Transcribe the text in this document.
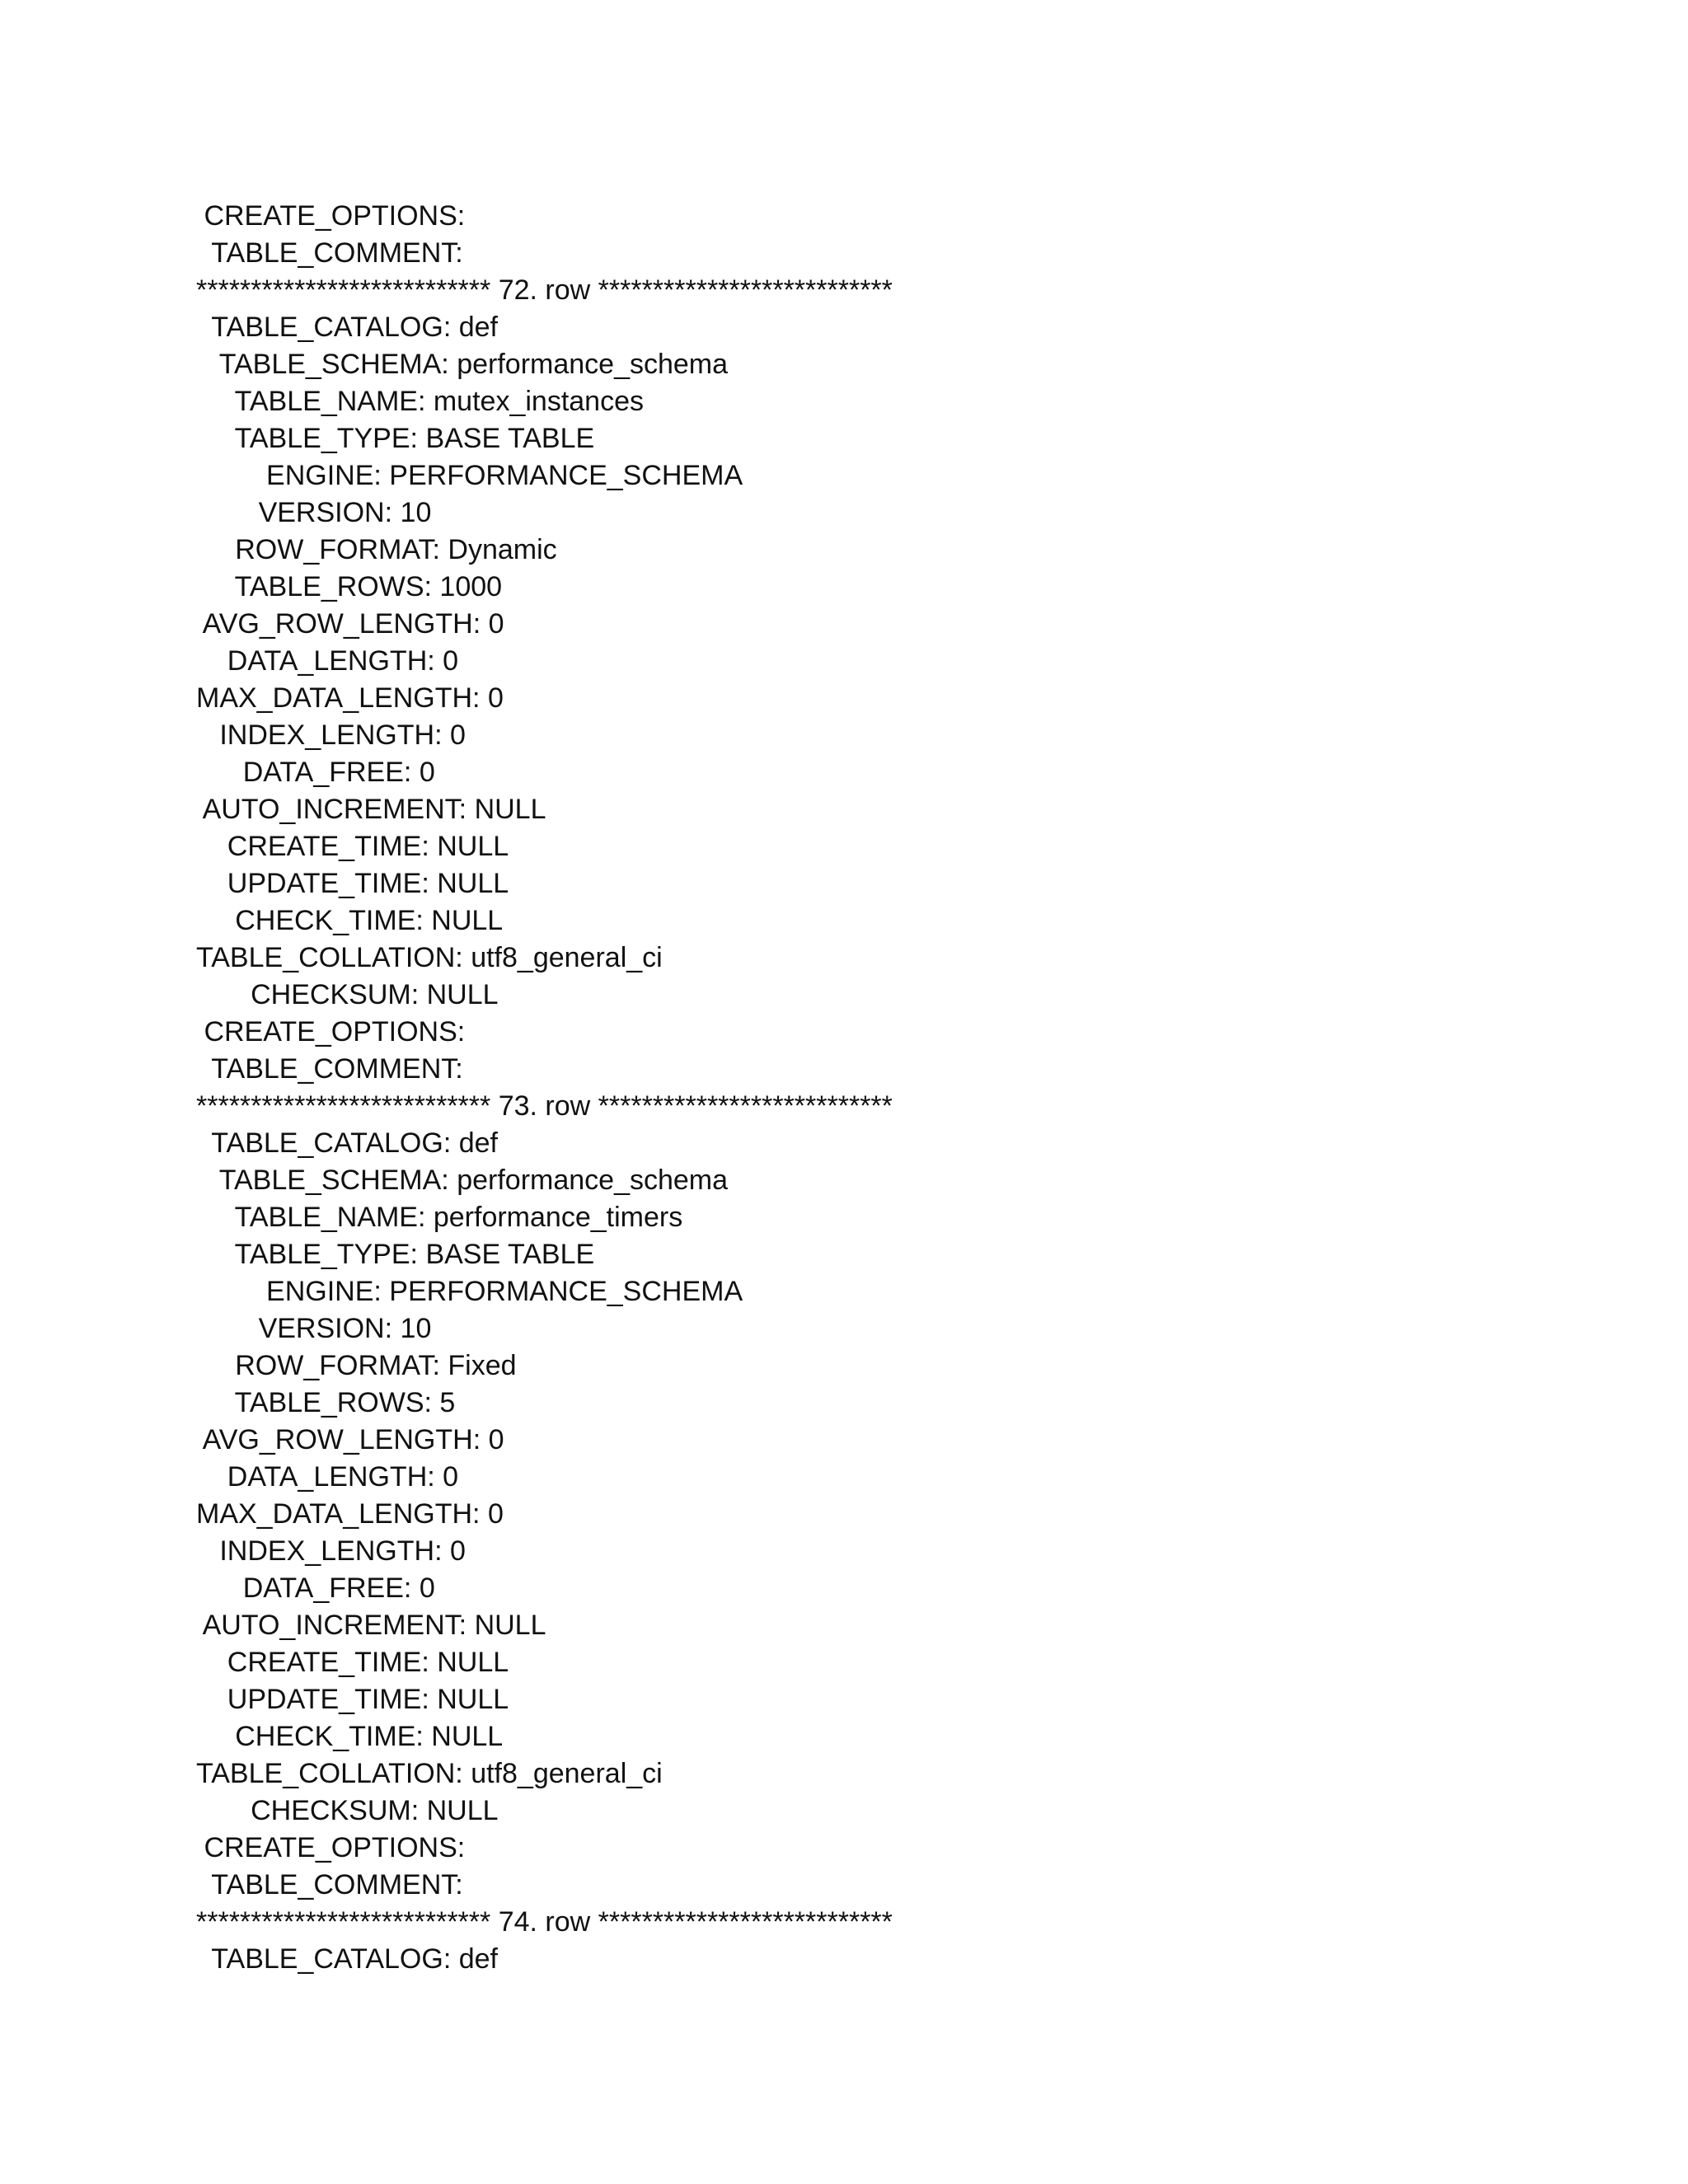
CREATE_OPTIONS:
TABLE_COMMENT:
*************************** 72. row ***************************
TABLE_CATALOG: def
TABLE_SCHEMA: performance_schema
TABLE_NAME: mutex_instances
TABLE_TYPE: BASE TABLE
ENGINE: PERFORMANCE_SCHEMA
VERSION: 10
ROW_FORMAT: Dynamic
TABLE_ROWS: 1000
AVG_ROW_LENGTH: 0
DATA_LENGTH: 0
MAX_DATA_LENGTH: 0
INDEX_LENGTH: 0
DATA_FREE: 0
AUTO_INCREMENT: NULL
CREATE_TIME: NULL
UPDATE_TIME: NULL
CHECK_TIME: NULL
TABLE_COLLATION: utf8_general_ci
CHECKSUM: NULL
CREATE_OPTIONS:
TABLE_COMMENT:
*************************** 73. row ***************************
TABLE_CATALOG: def
TABLE_SCHEMA: performance_schema
TABLE_NAME: performance_timers
TABLE_TYPE: BASE TABLE
ENGINE: PERFORMANCE_SCHEMA
VERSION: 10
ROW_FORMAT: Fixed
TABLE_ROWS: 5
AVG_ROW_LENGTH: 0
DATA_LENGTH: 0
MAX_DATA_LENGTH: 0
INDEX_LENGTH: 0
DATA_FREE: 0
AUTO_INCREMENT: NULL
CREATE_TIME: NULL
UPDATE_TIME: NULL
CHECK_TIME: NULL
TABLE_COLLATION: utf8_general_ci
CHECKSUM: NULL
CREATE_OPTIONS:
TABLE_COMMENT:
*************************** 74. row ***************************
TABLE_CATALOG: def
